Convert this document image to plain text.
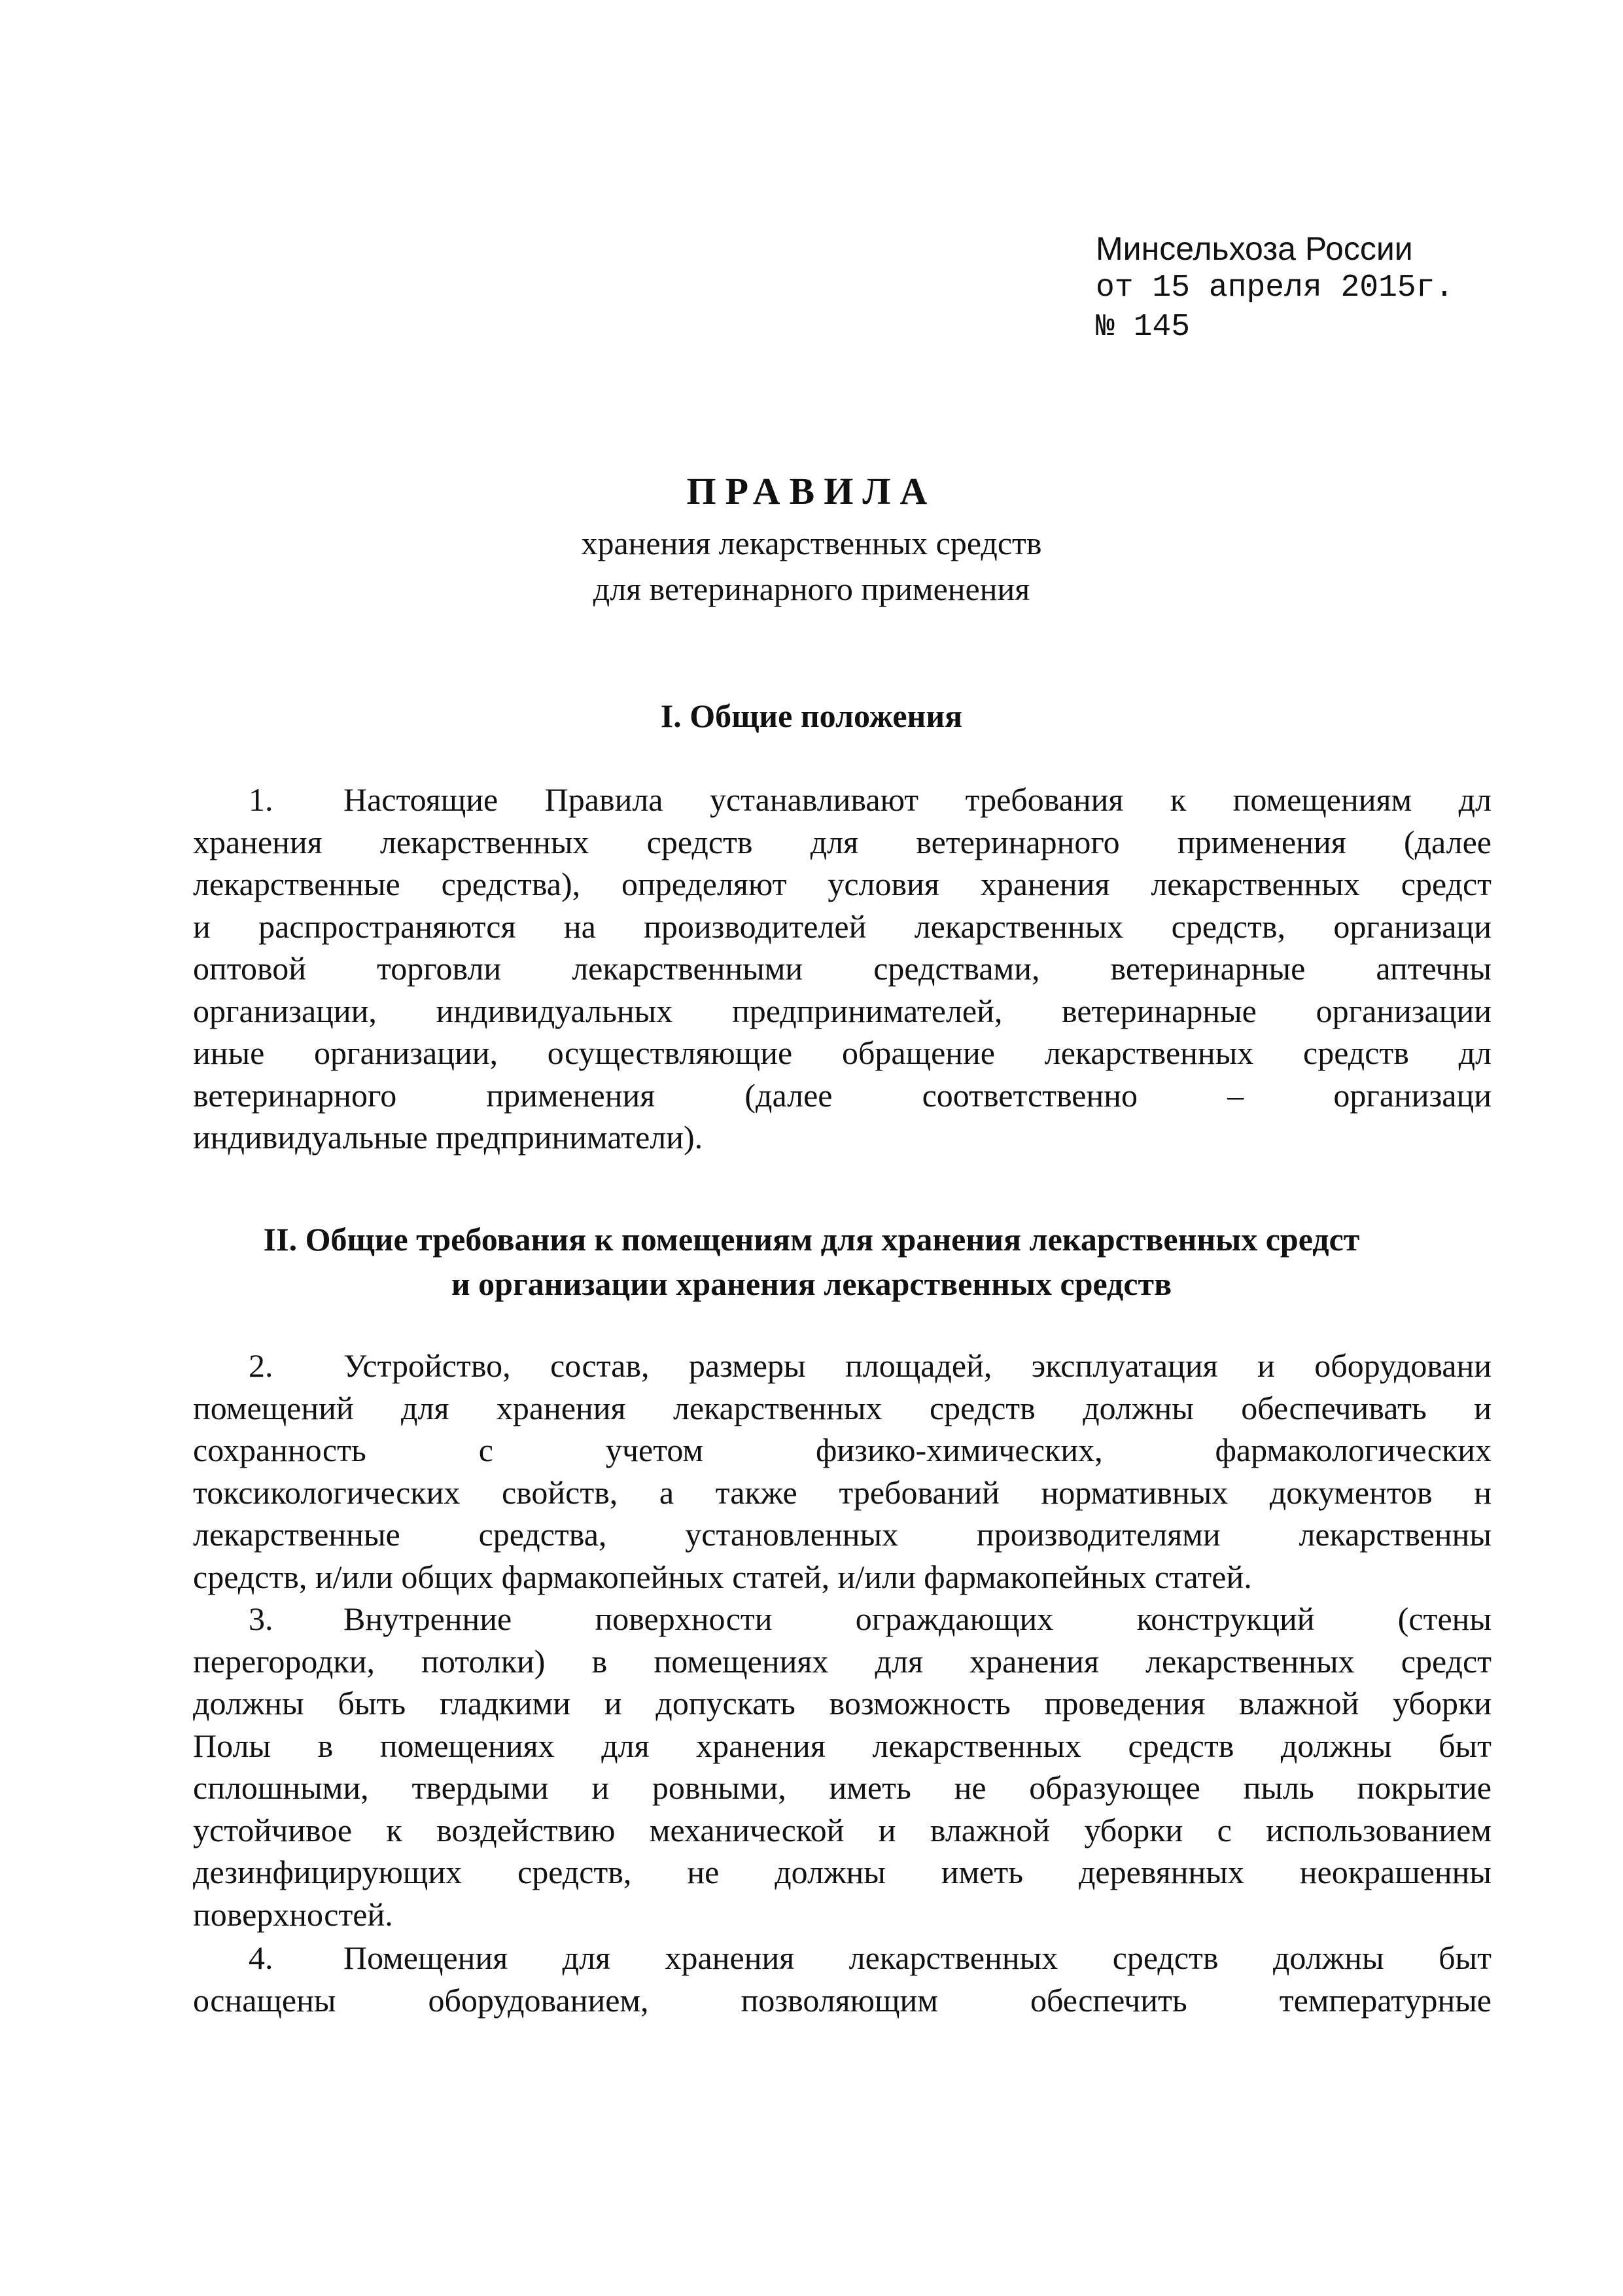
Минсельхоза России
от 15 апреля 2015г.
№ 145
ПРАВИЛА
хранения лекарственных средств
для ветеринарного применения
I. Общие положения
1.	Настоящие Правила устанавливают требования к помещениям дл
хранения лекарственных средств для ветеринарного применения (далее
лекарственные средства), определяют условия хранения лекарственных средст
и распространяются на производителей лекарственных средств, организаци
оптовой торговли лекарственными средствами, ветеринарные аптечны
организации, индивидуальных предпринимателей, ветеринарные организации
иные организации, осуществляющие обращение лекарственных средств дл
ветеринарного применения (далее соответственно – организаци
индивидуальные предприниматели).
II. Общие требования к помещениям для хранения лекарственных средст
и организации хранения лекарственных средств
2.	Устройство, состав, размеры площадей, эксплуатация и оборудовани
помещений для хранения лекарственных средств должны обеспечивать и
сохранность с учетом физико-химических, фармакологических
токсикологических свойств, а также требований нормативных документов н
лекарственные средства, установленных производителями лекарственны
средств, и/или общих фармакопейных статей, и/или фармакопейных статей.
3.	Внутренние поверхности ограждающих конструкций (стены
перегородки, потолки) в помещениях для хранения лекарственных средст
должны быть гладкими и допускать возможность проведения влажной уборки
Полы в помещениях для хранения лекарственных средств должны быт
сплошными, твердыми и ровными, иметь не образующее пыль покрытие
устойчивое к воздействию механической и влажной уборки с использованием
дезинфицирующих средств, не должны иметь деревянных неокрашенны
поверхностей.
4.	Помещения для хранения лекарственных средств должны быт
оснащены оборудованием, позволяющим обеспечить температурные
